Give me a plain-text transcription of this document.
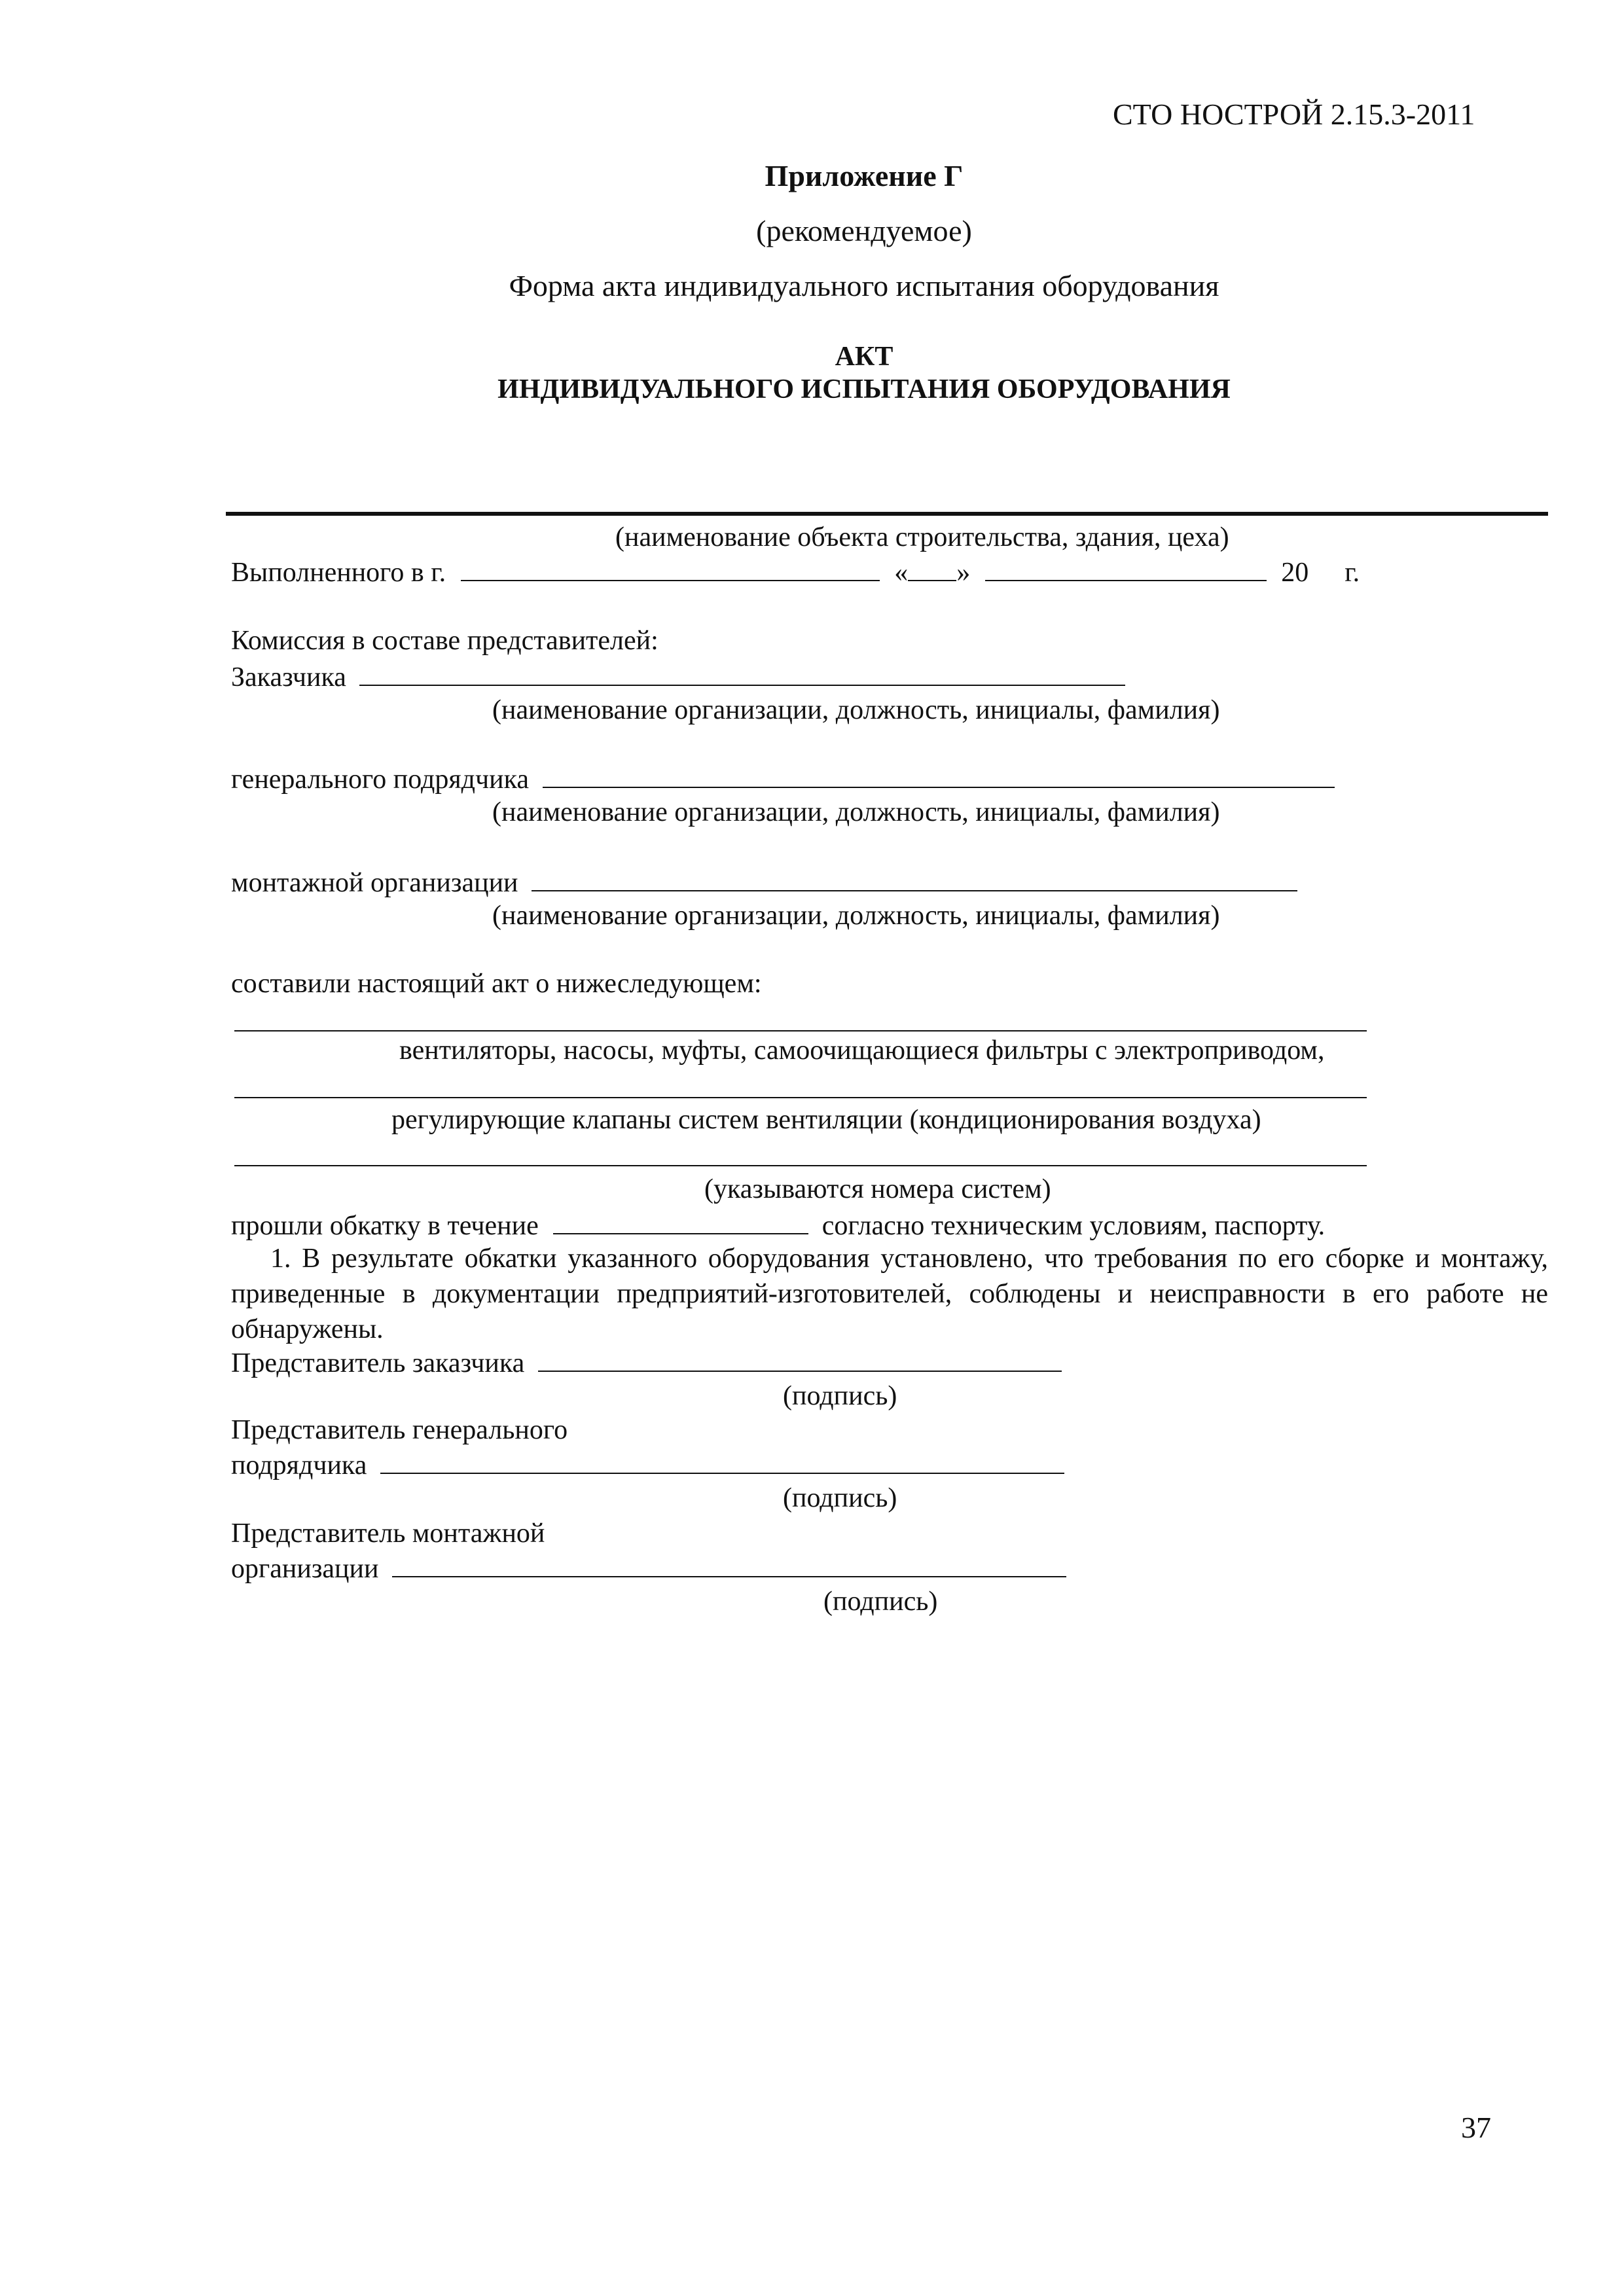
СТО НОСТРОЙ 2.15.3-2011
Приложение Г
(рекомендуемое)
Форма акта индивидуального испытания оборудования
АКТ
ИНДИВИДУАЛЬНОГО ИСПЫТАНИЯ ОБОРУДОВАНИЯ
(наименование объекта строительства, здания, цеха)
Выполненного в г.	« »	20 г.
Комиссия в составе представителей:
Заказчика
(наименование организации, должность, инициалы, фамилия)
генерального подрядчика
(наименование организации, должность, инициалы, фамилия)
монтажной организации
(наименование организации, должность, инициалы, фамилия)
составили настоящий акт о нижеследующем:
вентиляторы, насосы, муфты, самоочищающиеся фильтры с электроприводом,
регулирующие клапаны систем вентиляции (кондиционирования воздуха)
(указываются номера систем)
прошли обкатку в течение	согласно техническим условиям, паспорту.
1. В результате обкатки указанного оборудования установлено, что требования по его сборке и монтажу, приведенные в документации предприятий-изготовителей, соблюдены и неисправности в его работе не обнаружены.
Представитель заказчика
(подпись)
Представитель генерального
подрядчика
(подпись)
Представитель монтажной
организации
(подпись)
37
